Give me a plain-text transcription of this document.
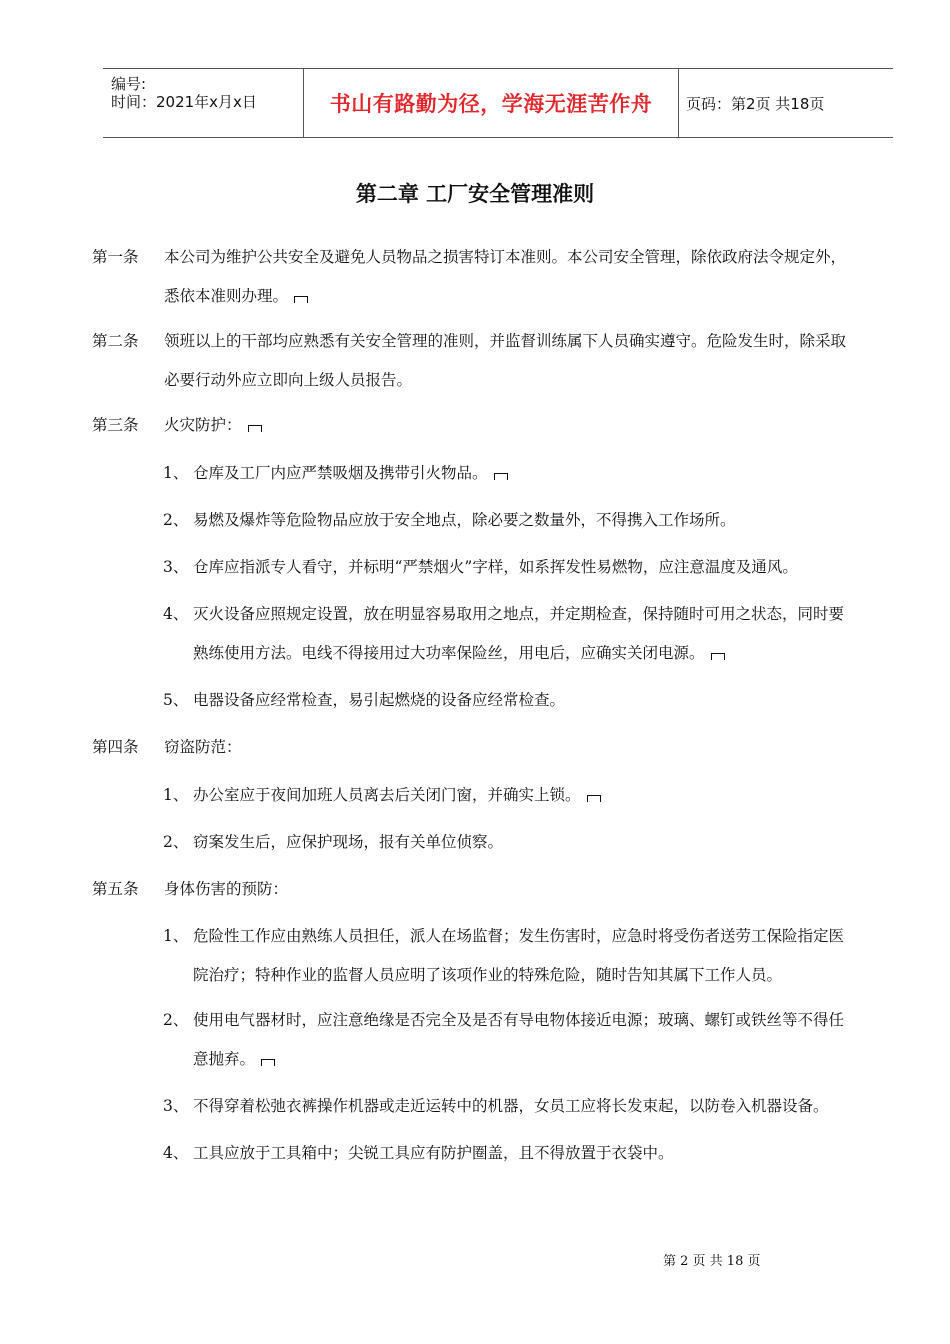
编号:
时间：2021年x月x日	书山有路勤为径，学海无涯苦作舟 页码：第2页 共18页
第二章 工厂安全管理准则
第一条	本公司为维护公共安全及避免人员物品之损害特订本准则。本公司安全管理，除依政府法令规定外，
悉依本准则办理。
第二条	领班以上的干部均应熟悉有关安全管理的准则，并监督训练属下人员确实遵守。危险发生时，除采取
必要行动外应立即向上级人员报告。
第三条	火灾防护：
1、 仓库及工厂内应严禁吸烟及携带引火物品。
2、 易燃及爆炸等危险物品应放于安全地点，除必要之数量外，不得携入工作场所。
3、 仓库应指派专人看守，并标明“严禁烟火”字样，如系挥发性易燃物，应注意温度及通风。
4、 灭火设备应照规定设置，放在明显容易取用之地点，并定期检查，保持随时可用之状态，同时要
熟练使用方法。电线不得接用过大功率保险丝，用电后，应确实关闭电源。
5、 电器设备应经常检查，易引起燃烧的设备应经常检查。
第四条	窃盗防范：
1、 办公室应于夜间加班人员离去后关闭门窗，并确实上锁。
2、 窃案发生后，应保护现场，报有关单位侦察。
第五条	身体伤害的预防：
1、 危险性工作应由熟练人员担任，派人在场监督；发生伤害时，应急时将受伤者送劳工保险指定医
院治疗；特种作业的监督人员应明了该项作业的特殊危险，随时告知其属下工作人员。
2、 使用电气器材时，应注意绝缘是否完全及是否有导电物体接近电源；玻璃、螺钉或铁丝等不得任
意抛弃。
3、 不得穿着松弛衣裤操作机器或走近运转中的机器，女员工应将长发束起，以防卷入机器设备。
4、 工具应放于工具箱中；尖锐工具应有防护圈盖，且不得放置于衣袋中。
第 2 页 共 18 页
